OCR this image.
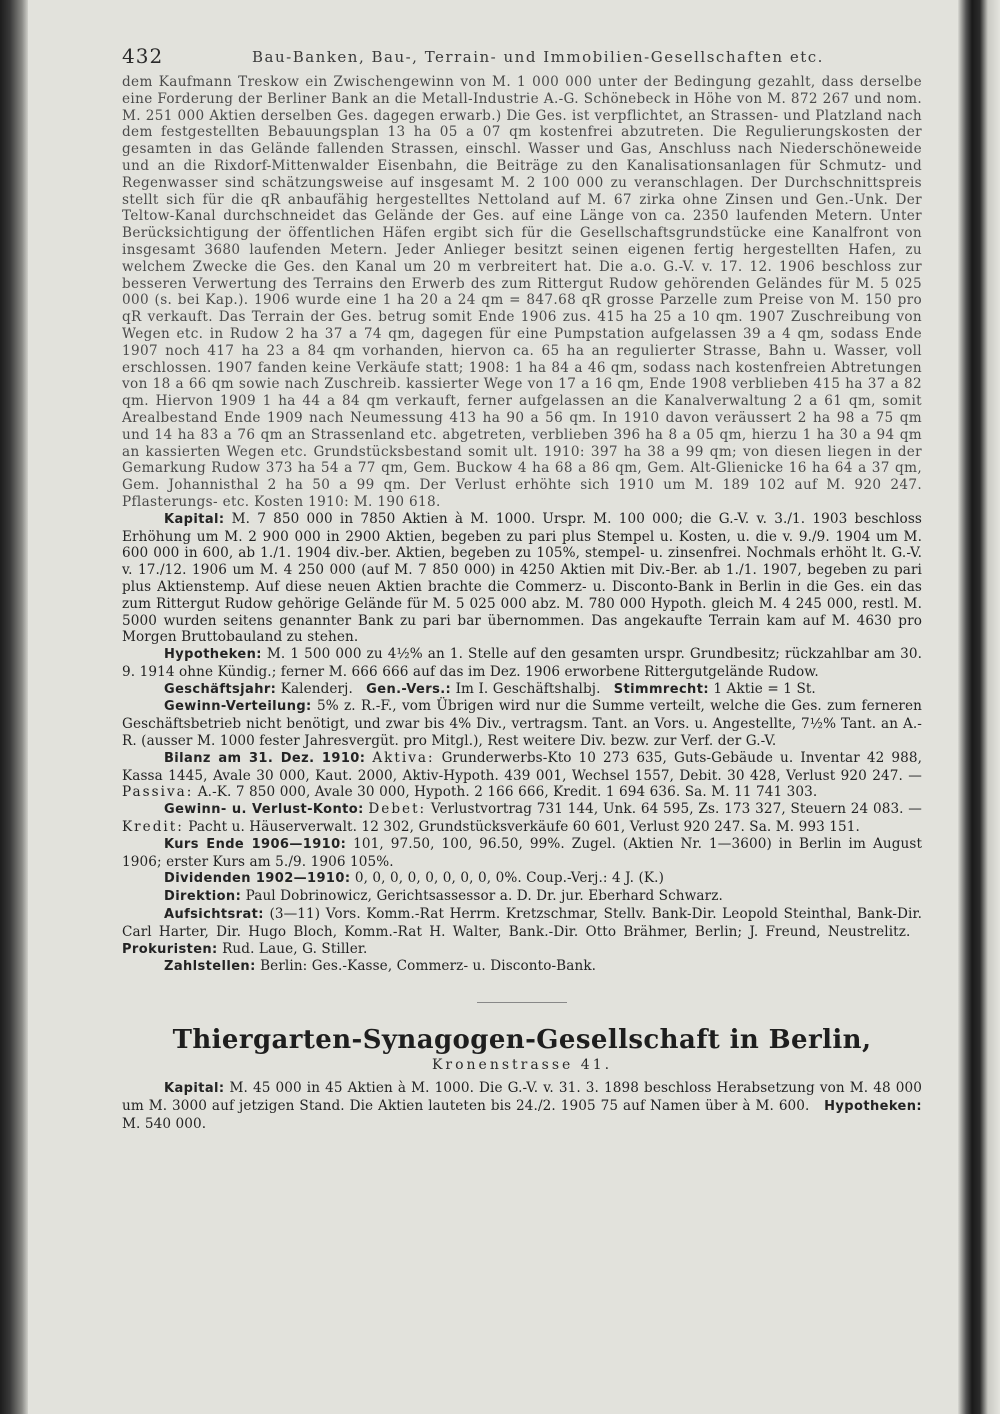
432	Bau-Banken, Bau-, Terrain- und Immobilien-Gesellschaften etc.

dem Kaufmann Treskow ein Zwischengewinn von M. 1 000 000 unter der Bedingung gezahlt, dass derselbe eine Forderung der Berliner Bank an die Metall-Industrie A.-G. Schönebeck in Höhe von M. 872 267 und nom. M. 251 000 Aktien derselben Ges. dagegen erwarb.) Die Ges. ist verpflichtet, an Strassen- und Platzland nach dem festgestellten Bebauungsplan 13 ha 05 a 07 qm kostenfrei abzutreten. Die Regulierungskosten der gesamten in das Gelände fallenden Strassen, einschl. Wasser und Gas, Anschluss nach Niederschöneweide und an die Rixdorf-Mittenwalder Eisenbahn, die Beiträge zu den Kanalisationsanlagen für Schmutz- und Regenwasser sind schätzungsweise auf insgesamt M. 2 100 000 zu veranschlagen. Der Durchschnittspreis stellt sich für die qR anbaufähig hergestelltes Nettoland auf M. 67 zirka ohne Zinsen und Gen.-Unk. Der Teltow-Kanal durchschneidet das Gelände der Ges. auf eine Länge von ca. 2350 laufenden Metern. Unter Berücksichtigung der öffentlichen Häfen ergibt sich für die Gesellschaftsgrundstücke eine Kanalfront von insgesamt 3680 laufenden Metern. Jeder Anlieger besitzt seinen eigenen fertig hergestellten Hafen, zu welchem Zwecke die Ges. den Kanal um 20 m verbreitert hat. Die a.o. G.-V. v. 17. 12. 1906 beschloss zur besseren Verwertung des Terrains den Erwerb des zum Rittergut Rudow gehörenden Geländes für M. 5 025 000 (s. bei Kap.). 1906 wurde eine 1 ha 20 a 24 qm = 847.68 qR grosse Parzelle zum Preise von M. 150 pro qR verkauft. Das Terrain der Ges. betrug somit Ende 1906 zus. 415 ha 25 a 10 qm. 1907 Zuschreibung von Wegen etc. in Rudow 2 ha 37 a 74 qm, dagegen für eine Pumpstation aufgelassen 39 a 4 qm, sodass Ende 1907 noch 417 ha 23 a 84 qm vorhanden, hiervon ca. 65 ha an regulierter Strasse, Bahn u. Wasser, voll erschlossen. 1907 fanden keine Verkäufe statt; 1908: 1 ha 84 a 46 qm, sodass nach kostenfreien Abtretungen von 18 a 66 qm sowie nach Zuschreib. kassierter Wege von 17 a 16 qm, Ende 1908 verblieben 415 ha 37 a 82 qm. Hiervon 1909 1 ha 44 a 84 qm verkauft, ferner aufgelassen an die Kanalverwaltung 2 a 61 qm, somit Arealbestand Ende 1909 nach Neumessung 413 ha 90 a 56 qm. In 1910 davon veräussert 2 ha 98 a 75 qm und 14 ha 83 a 76 qm an Strassenland etc. abgetreten, verblieben 396 ha 8 a 05 qm, hierzu 1 ha 30 a 94 qm an kassierten Wegen etc. Grundstücksbestand somit ult. 1910: 397 ha 38 a 99 qm; von diesen liegen in der Gemarkung Rudow 373 ha 54 a 77 qm, Gem. Buckow 4 ha 68 a 86 qm, Gem. Alt-Glienicke 16 ha 64 a 37 qm, Gem. Johannisthal 2 ha 50 a 99 qm. Der Verlust erhöhte sich 1910 um M. 189 102 auf M. 920 247. Pflasterungs- etc. Kosten 1910: M. 190 618.

Kapital: M. 7 850 000 in 7850 Aktien à M. 1000. Urspr. M. 100 000; die G.-V. v. 3./1. 1903 beschloss Erhöhung um M. 2 900 000 in 2900 Aktien, begeben zu pari plus Stempel u. Kosten, u. die v. 9./9. 1904 um M. 600 000 in 600, ab 1./1. 1904 div.-ber. Aktien, begeben zu 105%, stempel- u. zinsenfrei. Nochmals erhöht lt. G.-V. v. 17./12. 1906 um M. 4 250 000 (auf M. 7 850 000) in 4250 Aktien mit Div.-Ber. ab 1./1. 1907, begeben zu pari plus Aktienstemp. Auf diese neuen Aktien brachte die Commerz- u. Disconto-Bank in Berlin in die Ges. ein das zum Rittergut Rudow gehörige Gelände für M. 5 025 000 abz. M. 780 000 Hypoth. gleich M. 4 245 000, restl. M. 5000 wurden seitens genannter Bank zu pari bar übernommen. Das angekaufte Terrain kam auf M. 4630 pro Morgen Bruttobauland zu stehen.

Hypotheken: M. 1 500 000 zu 4½% an 1. Stelle auf den gesamten urspr. Grundbesitz; rückzahlbar am 30. 9. 1914 ohne Kündig.; ferner M. 666 666 auf das im Dez. 1906 erworbene Rittergutgelände Rudow.

Geschäftsjahr: Kalenderj. Gen.-Vers.: Im I. Geschäftshalbj. Stimmrecht: 1 Aktie = 1 St.

Gewinn-Verteilung: 5% z. R.-F., vom Übrigen wird nur die Summe verteilt, welche die Ges. zum ferneren Geschäftsbetrieb nicht benötigt, und zwar bis 4% Div., vertragsm. Tant. an Vors. u. Angestellte, 7½% Tant. an A.-R. (ausser M. 1000 fester Jahresvergüt. pro Mitgl.), Rest weitere Div. bezw. zur Verf. der G.-V.

Bilanz am 31. Dez. 1910: Aktiva: Grunderwerbs-Kto 10 273 635, Guts-Gebäude u. Inventar 42 988, Kassa 1445, Avale 30 000, Kaut. 2000, Aktiv-Hypoth. 439 001, Wechsel 1557, Debit. 30 428, Verlust 920 247. — Passiva: A.-K. 7 850 000, Avale 30 000, Hypoth. 2 166 666, Kredit. 1 694 636. Sa. M. 11 741 303.

Gewinn- u. Verlust-Konto: Debet: Verlustvortrag 731 144, Unk. 64 595, Zs. 173 327, Steuern 24 083. — Kredit: Pacht u. Häuserverwalt. 12 302, Grundstücksverkäufe 60 601, Verlust 920 247. Sa. M. 993 151.

Kurs Ende 1906—1910: 101, 97.50, 100, 96.50, 99%. Zugel. (Aktien Nr. 1—3600) in Berlin im August 1906; erster Kurs am 5./9. 1906 105%.

Dividenden 1902—1910: 0, 0, 0, 0, 0, 0, 0, 0, 0%. Coup.-Verj.: 4 J. (K.)

Direktion: Paul Dobrinowicz, Gerichtsassessor a. D. Dr. jur. Eberhard Schwarz.

Aufsichtsrat: (3—11) Vors. Komm.-Rat Herrm. Kretzschmar, Stellv. Bank-Dir. Leopold Steinthal, Bank-Dir. Carl Harter, Dir. Hugo Bloch, Komm.-Rat H. Walter, Bank.-Dir. Otto Brähmer, Berlin; J. Freund, Neustrelitz.   Prokuristen: Rud. Laue, G. Stiller.

Zahlstellen: Berlin: Ges.-Kasse, Commerz- u. Disconto-Bank.

Thiergarten-Synagogen-Gesellschaft in Berlin,
Kronenstrasse 41.

Kapital: M. 45 000 in 45 Aktien à M. 1000. Die G.-V. v. 31. 3. 1898 beschloss Herabsetzung von M. 48 000 um M. 3000 auf jetzigen Stand. Die Aktien lauteten bis 24./2. 1905 75 auf Namen über à M. 600. Hypotheken: M. 540 000.
